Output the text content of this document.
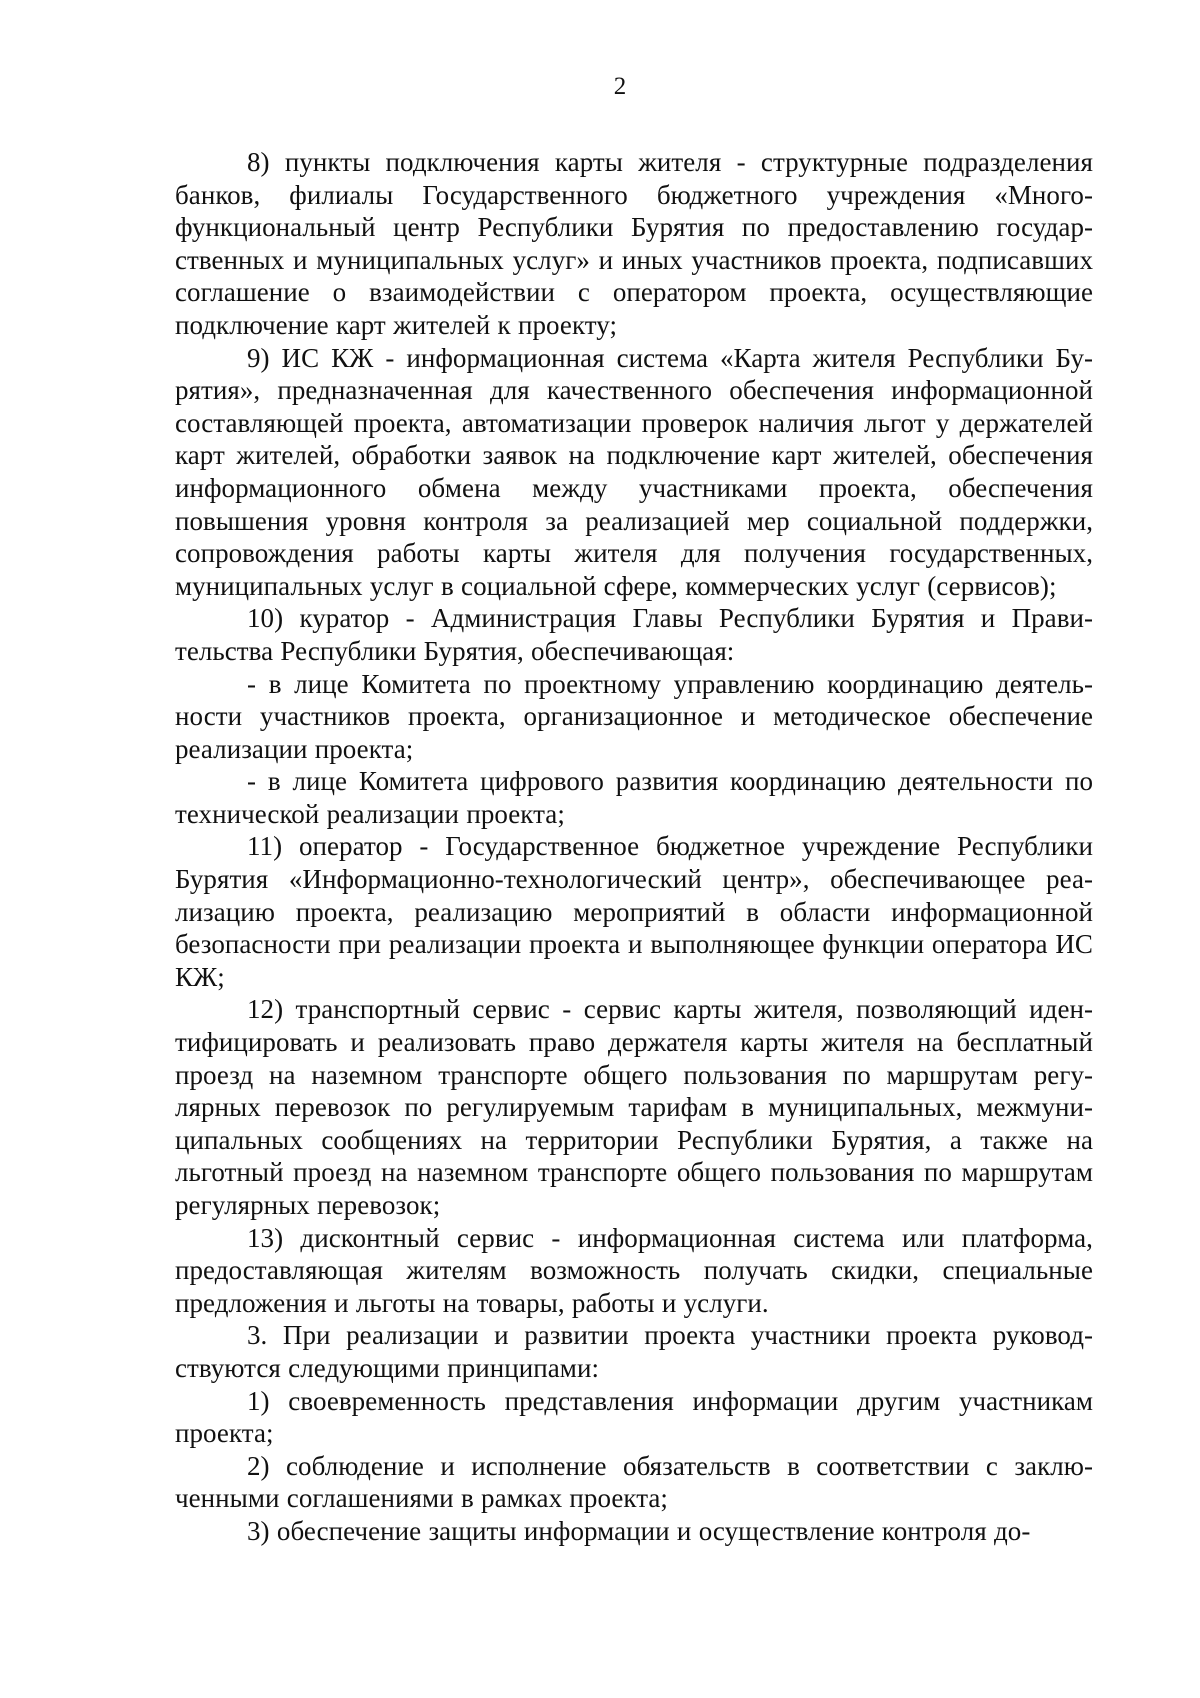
2

8) пункты подключения карты жителя - структурные подразделения банков, филиалы Государственного бюджетного учреждения «Многофункциональный центр Республики Бурятия по предоставлению государственных и муниципальных услуг» и иных участников проекта, подписавших соглашение о взаимодействии с оператором проекта, осуществляющие подключение карт жителей к проекту;

9) ИС КЖ - информационная система «Карта жителя Республики Бурятия», предназначенная для качественного обеспечения информационной составляющей проекта, автоматизации проверок наличия льгот у держателей карт жителей, обработки заявок на подключение карт жителей, обеспечения информационного обмена между участниками проекта, обеспечения повышения уровня контроля за реализацией мер социальной поддержки, сопровождения работы карты жителя для получения государственных, муниципальных услуг в социальной сфере, коммерческих услуг (сервисов);

10) куратор - Администрация Главы Республики Бурятия и Правительства Республики Бурятия, обеспечивающая:

- в лице Комитета по проектному управлению координацию деятельности участников проекта, организационное и методическое обеспечение реализации проекта;

- в лице Комитета цифрового развития координацию деятельности по технической реализации проекта;

11) оператор - Государственное бюджетное учреждение Республики Бурятия «Информационно-технологический центр», обеспечивающее реализацию проекта, реализацию мероприятий в области информационной безопасности при реализации проекта и выполняющее функции оператора ИС КЖ;

12) транспортный сервис - сервис карты жителя, позволяющий идентифицировать и реализовать право держателя карты жителя на бесплатный проезд на наземном транспорте общего пользования по маршрутам регулярных перевозок по регулируемым тарифам в муниципальных, межмуниципальных сообщениях на территории Республики Бурятия, а также на льготный проезд на наземном транспорте общего пользования по маршрутам регулярных перевозок;

13) дисконтный сервис - информационная система или платформа, предоставляющая жителям возможность получать скидки, специальные предложения и льготы на товары, работы и услуги.

3. При реализации и развитии проекта участники проекта руководствуются следующими принципами:

1) своевременность представления информации другим участникам проекта;

2) соблюдение и исполнение обязательств в соответствии с заключенными соглашениями в рамках проекта;

3) обеспечение защиты информации и осуществление контроля до-
